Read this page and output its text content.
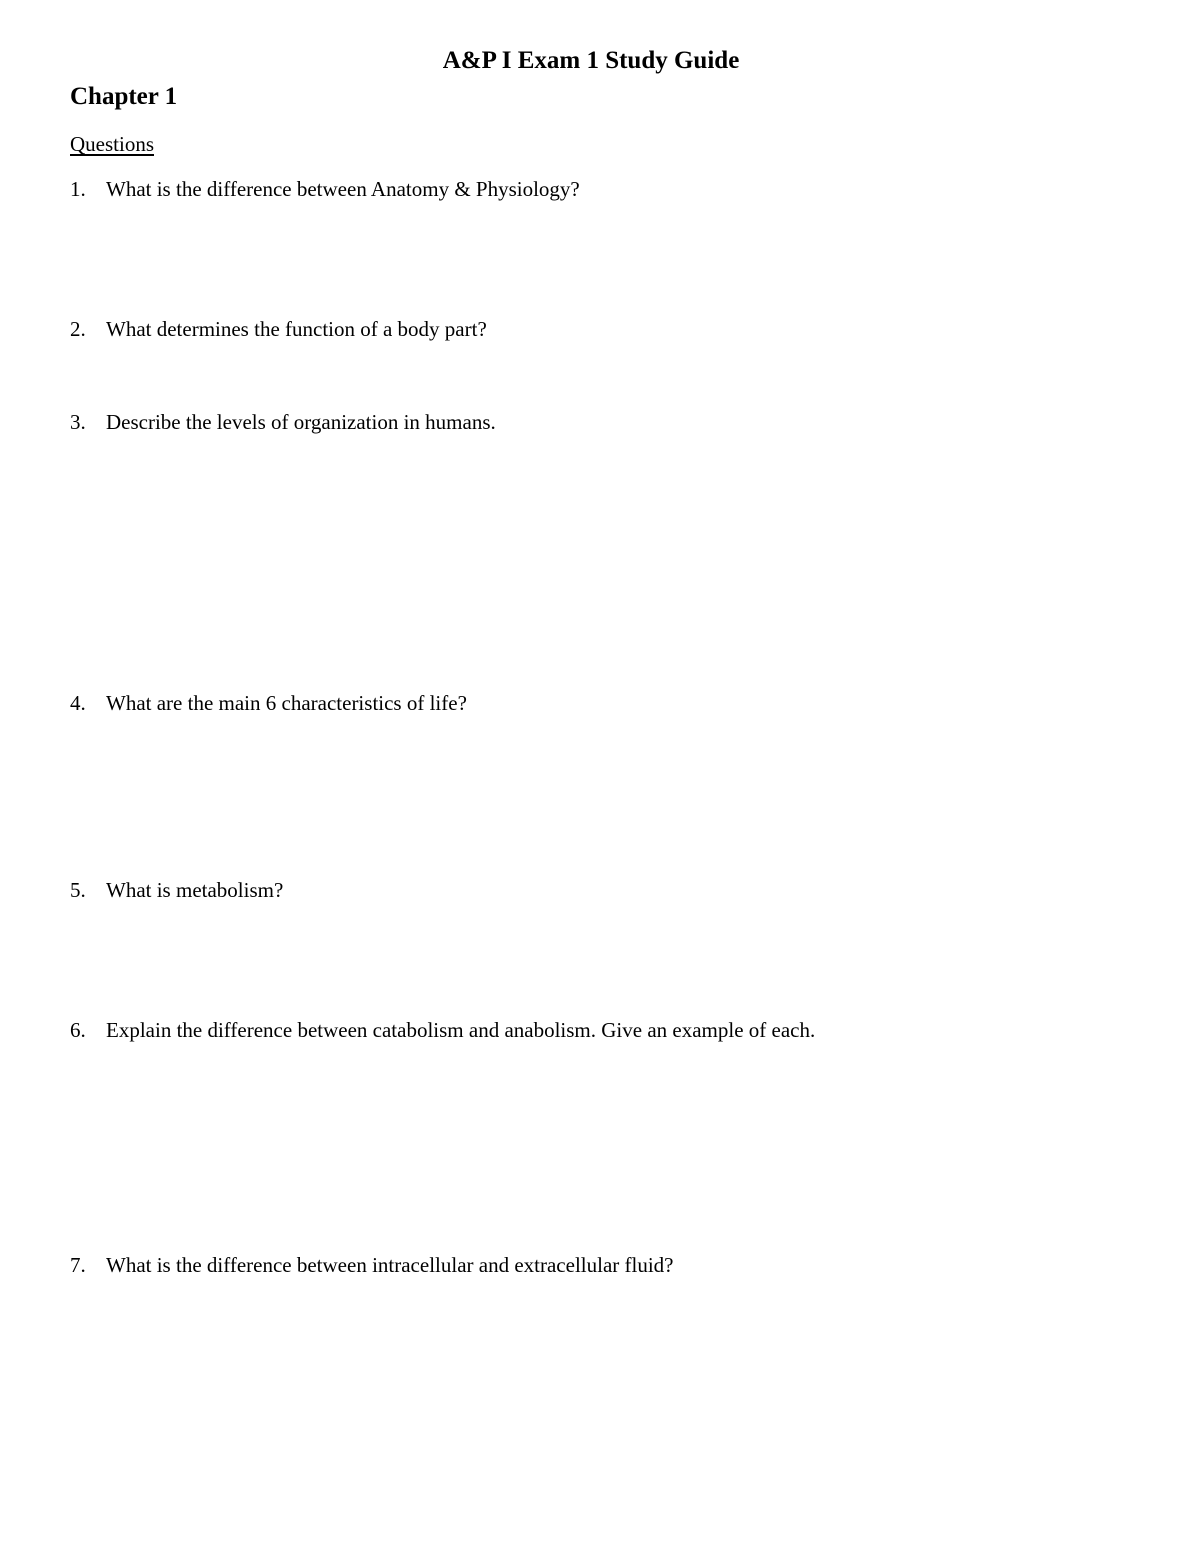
A&P I Exam 1 Study Guide
Chapter 1
Questions
1. What is the difference between Anatomy & Physiology?
2. What determines the function of a body part?
3. Describe the levels of organization in humans.
4. What are the main 6 characteristics of life?
5. What is metabolism?
6. Explain the difference between catabolism and anabolism. Give an example of each.
7. What is the difference between intracellular and extracellular fluid?
